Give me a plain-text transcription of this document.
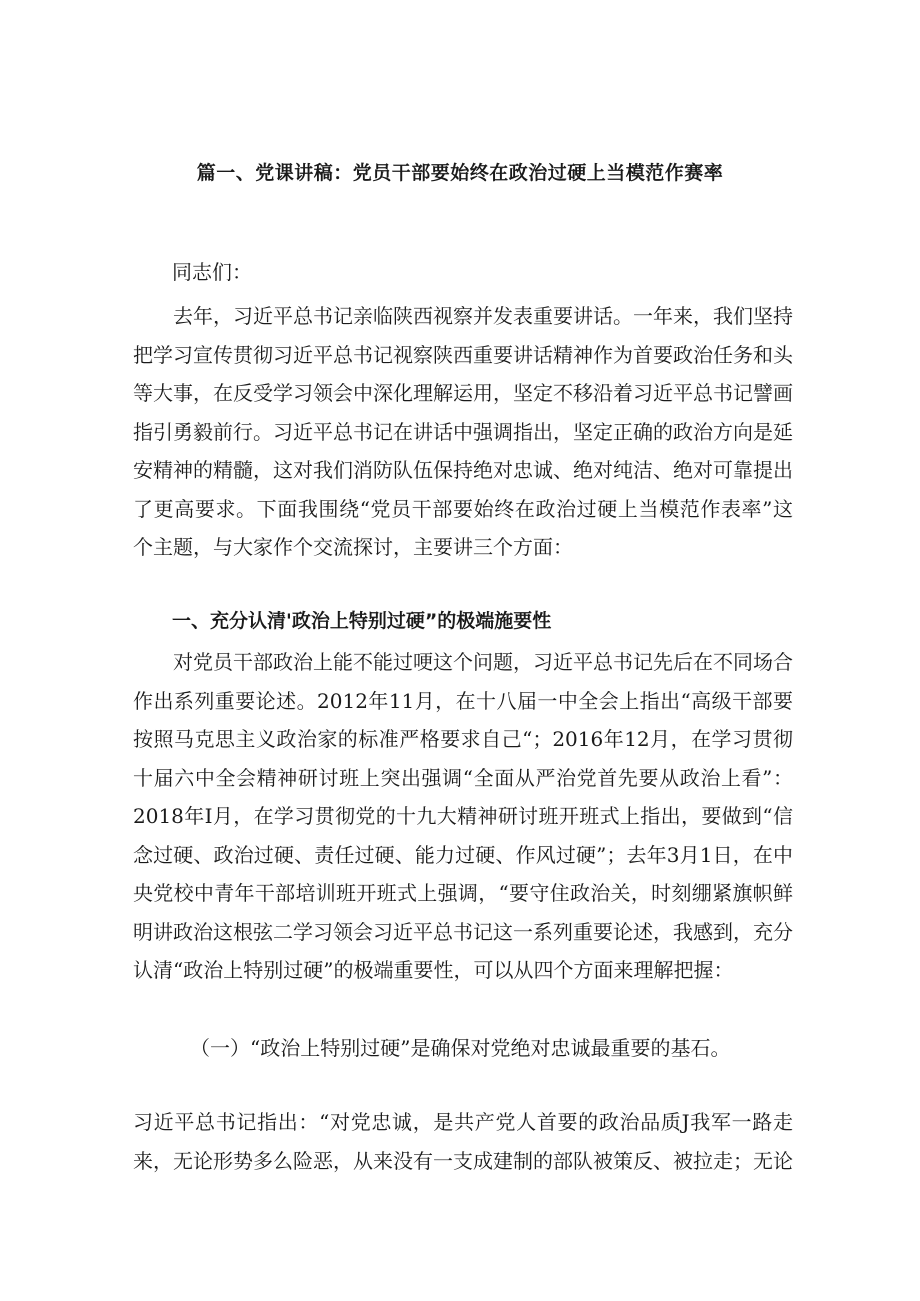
篇一、党课讲稿：党员干部要始终在政治过硬上当模范作赛率
同志们：
去年，习近平总书记亲临陕西视察并发表重要讲话。一年来，我们坚持把学习宣传贯彻习近平总书记视察陕西重要讲话精神作为首要政治任务和头等大事，在反受学习领会中深化理解运用，坚定不移沿着习近平总书记譬画指引勇毅前行。习近平总书记在讲话中强调指出，坚定正确的政治方向是延安精神的精髓，这对我们消防队伍保持绝对忠诚、绝对纯洁、绝对可靠提出了更高要求。下面我围绕“党员干部要始终在政治过硬上当模范作表率”这个主题，与大家作个交流探讨，主要讲三个方面：
一、充分认清'政治上特别过硬”的极端施要性
对党员干部政治上能不能过哽这个问题，习近平总书记先后在不同场合作出系列重要论述。2012年11月，在十八届一中全会上指出“高级干部要按照马克思主义政治家的标准严格要求自己“；2016年12月，在学习贯彻十届六中全会精神研讨班上突出强调“全面从严治党首先要从政治上看”：2018年I月，在学习贯彻党的十九大精神研讨班开班式上指出，要做到“信念过硬、政治过硬、责任过硬、能力过硬、作风过硬”；去年3月1日，在中央党校中青年干部培训班开班式上强调，“要守住政治关，时刻绷紧旗帜鲜明讲政治这根弦二学习领会习近平总书记这一系列重要论述，我感到，充分认清“政治上特别过硬”的极端重要性，可以从四个方面来理解把握：
（一）“政治上特别过硬”是确保对党绝对忠诚最重要的基石。
习近平总书记指出：“对党忠诚，是共产党人首要的政治品质J我军一路走来，无论形势多么险恶，从来没有一支成建制的部队被策反、被拉走；无论
